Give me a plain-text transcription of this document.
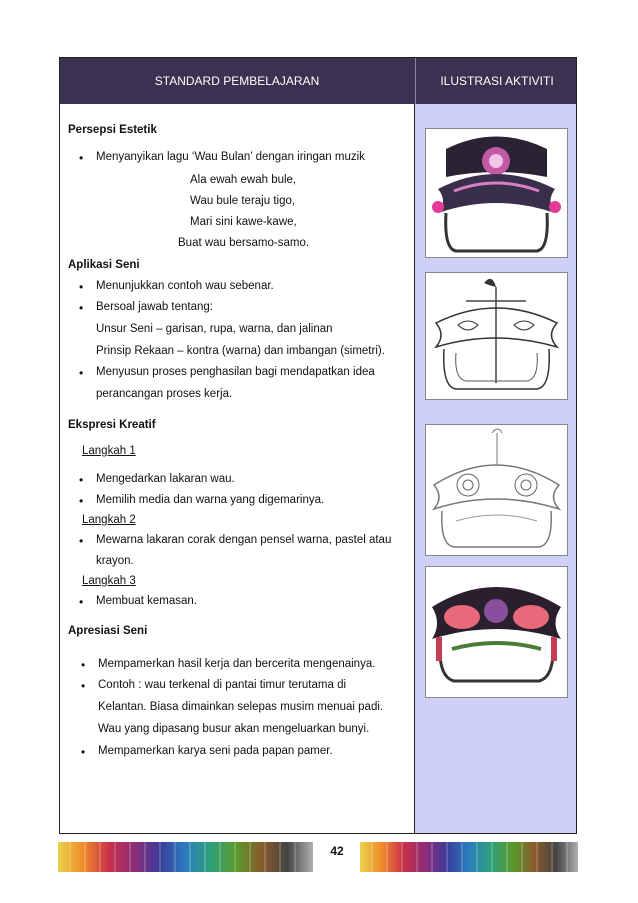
STANDARD PEMBELAJARAN	ILUSTRASI AKTIVITI
Persepsi Estetik
• Menyanyikan lagu ‘Wau Bulan’ dengan iringan muzik
Ala ewah ewah bule,
Wau bule teraju tigo,
Mari sini kawe-kawe,
Buat wau bersamo-samo.
Aplikasi Seni
• Menunjukkan contoh wau sebenar.
• Bersoal jawab tentang:
Unsur Seni – garisan, rupa, warna, dan jalinan
Prinsip Rekaan – kontra (warna) dan imbangan (simetri).
• Menyusun proses penghasilan bagi mendapatkan idea
perancangan proses kerja.
Ekspresi Kreatif
Langkah 1
• Mengedarkan lakaran wau.
• Memilih media dan warna yang digemarinya.
Langkah 2
• Mewarna lakaran corak dengan pensel warna, pastel atau
krayon.
Langkah 3
• Membuat kemasan.
Apresiasi Seni
• Mempamerkan hasil kerja dan bercerita mengenainya.
• Contoh : wau terkenal di pantai timur terutama di
Kelantan. Biasa dimainkan selepas musim menuai padi.
Wau yang dipasang busur akan mengeluarkan bunyi.
• Mempamerkan karya seni pada papan pamer.
42
